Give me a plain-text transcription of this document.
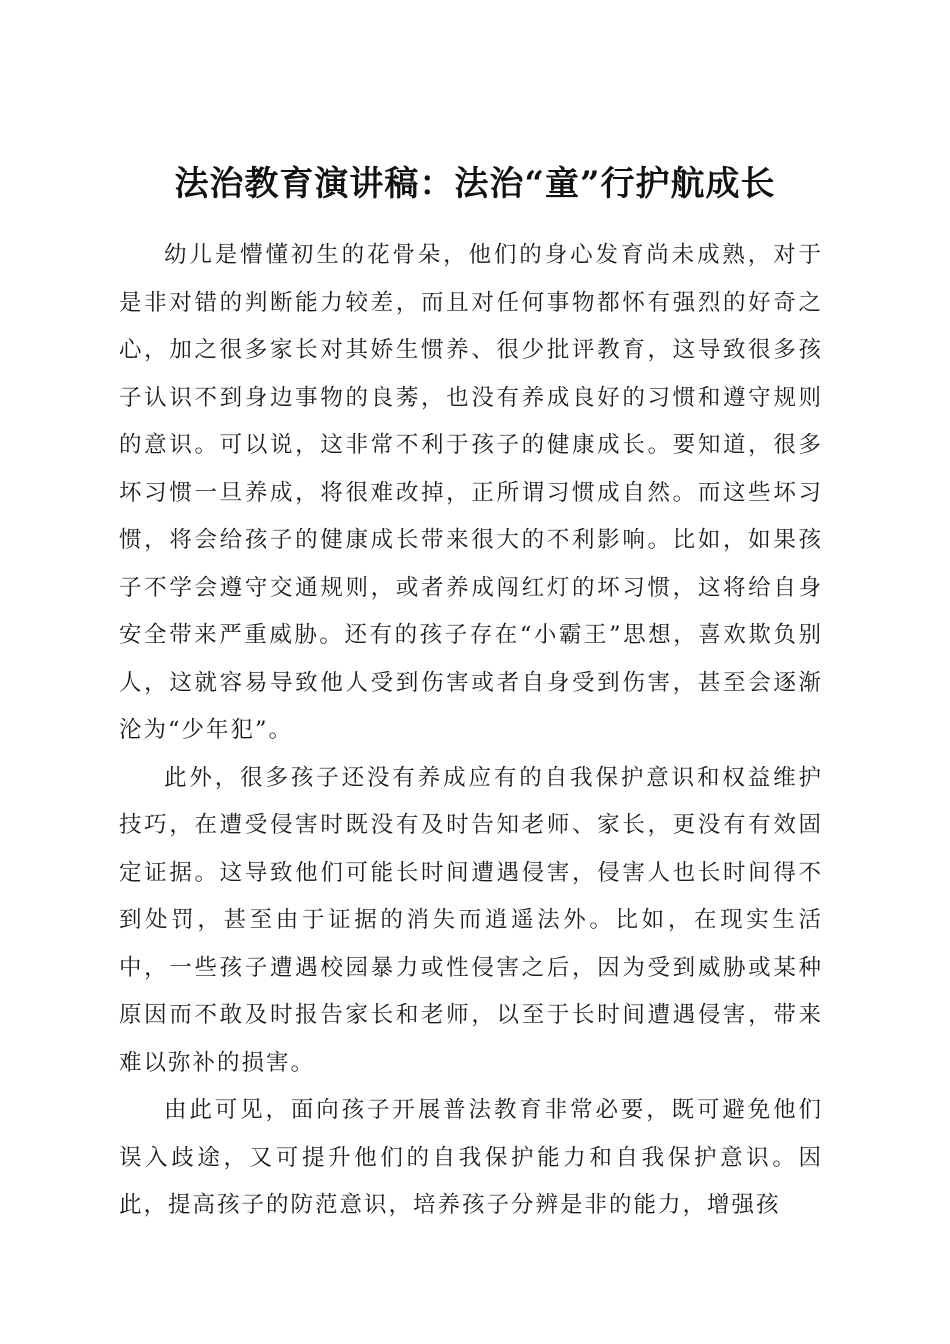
法治教育演讲稿：法治“童”行护航成长

幼儿是懵懂初生的花骨朵，他们的身心发育尚未成熟，对于是非对错的判断能力较差，而且对任何事物都怀有强烈的好奇之心，加之很多家长对其娇生惯养、很少批评教育，这导致很多孩子认识不到身边事物的良莠，也没有养成良好的习惯和遵守规则的意识。可以说，这非常不利于孩子的健康成长。要知道，很多坏习惯一旦养成，将很难改掉，正所谓习惯成自然。而这些坏习惯，将会给孩子的健康成长带来很大的不利影响。比如，如果孩子不学会遵守交通规则，或者养成闯红灯的坏习惯，这将给自身安全带来严重威胁。还有的孩子存在“小霸王”思想，喜欢欺负别人，这就容易导致他人受到伤害或者自身受到伤害，甚至会逐渐沦为“少年犯”。

此外，很多孩子还没有养成应有的自我保护意识和权益维护技巧，在遭受侵害时既没有及时告知老师、家长，更没有有效固定证据。这导致他们可能长时间遭遇侵害，侵害人也长时间得不到处罚，甚至由于证据的消失而逍遥法外。比如，在现实生活中，一些孩子遭遇校园暴力或性侵害之后，因为受到威胁或某种原因而不敢及时报告家长和老师，以至于长时间遭遇侵害，带来难以弥补的损害。

由此可见，面向孩子开展普法教育非常必要，既可避免他们误入歧途，又可提升他们的自我保护能力和自我保护意识。因此，提高孩子的防范意识，培养孩子分辨是非的能力，增强孩
